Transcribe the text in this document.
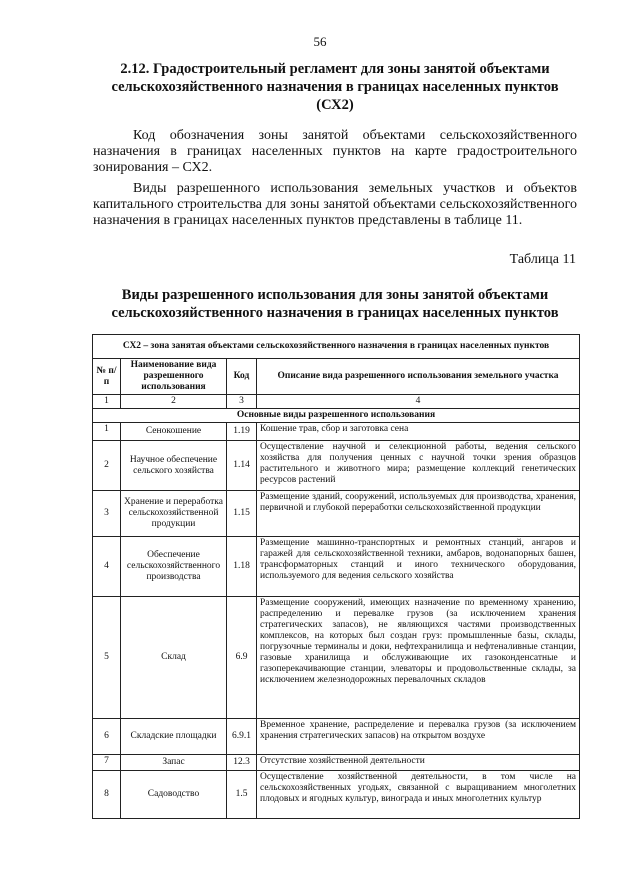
56
2.12. Градостроительный регламент для зоны занятой объектами сельскохозяйственного назначения в границах населенных пунктов (СХ2)

Код обозначения зоны занятой объектами сельскохозяйственного назначения в границах населенных пунктов на карте градостроительного зонирования – СХ2.

Виды разрешенного использования земельных участков и объектов капитального строительства для зоны занятой объектами сельскохозяйственного назначения в границах населенных пунктов представлены в таблице 11.

Таблица 11
Виды разрешенного использования для зоны занятой объектами сельскохозяйственного назначения в границах населенных пунктов
СХ2 – зона занятая объектами сельскохозяйственного назначения в границах населенных пунктов			
№ п/п	Наименование вида разрешенного использования	Код	Описание вида разрешенного использования земельного участка
1	2	3	4
Основные виды разрешенного использования			
1	Сенокошение	1.19	Кошение трав, сбор и заготовка сена
2	Научное обеспечение сельского хозяйства	1.14	Осуществление научной и селекционной работы, ведения сельского хозяйства для получения ценных с научной точки зрения образцов растительного и животного мира; размещение коллекций генетических ресурсов растений
3	Хранение и переработка сельскохозяйственной продукции	1.15	Размещение зданий, сооружений, используемых для производства, хранения, первичной и глубокой переработки сельскохозяйственной продукции
4	Обеспечение сельскохозяйственного производства	1.18	Размещение машинно-транспортных и ремонтных станций, ангаров и гаражей для сельскохозяйственной техники, амбаров, водонапорных башен, трансформаторных станций и иного технического оборудования, используемого для ведения сельского хозяйства
5	Склад	6.9	Размещение сооружений, имеющих назначение по временному хранению, распределению и перевалке грузов (за исключением хранения стратегических запасов), не являющихся частями производственных комплексов, на которых был создан груз: промышленные базы, склады, погрузочные терминалы и доки, нефтехранилища и нефтеналивные станции, газовые хранилища и обслуживающие их газоконденсатные и газоперекачивающие станции, элеваторы и продовольственные склады, за исключением железнодорожных перевалочных складов
6	Складские площадки	6.9.1	Временное хранение, распределение и перевалка грузов (за исключением хранения стратегических запасов) на открытом воздухе
7	Запас	12.3	Отсутствие хозяйственной деятельности
8	Садоводство	1.5	Осуществление хозяйственной деятельности, в том числе на сельскохозяйственных угодьях, связанной с выращиванием многолетних плодовых и ягодных культур, винограда и иных многолетних культур
